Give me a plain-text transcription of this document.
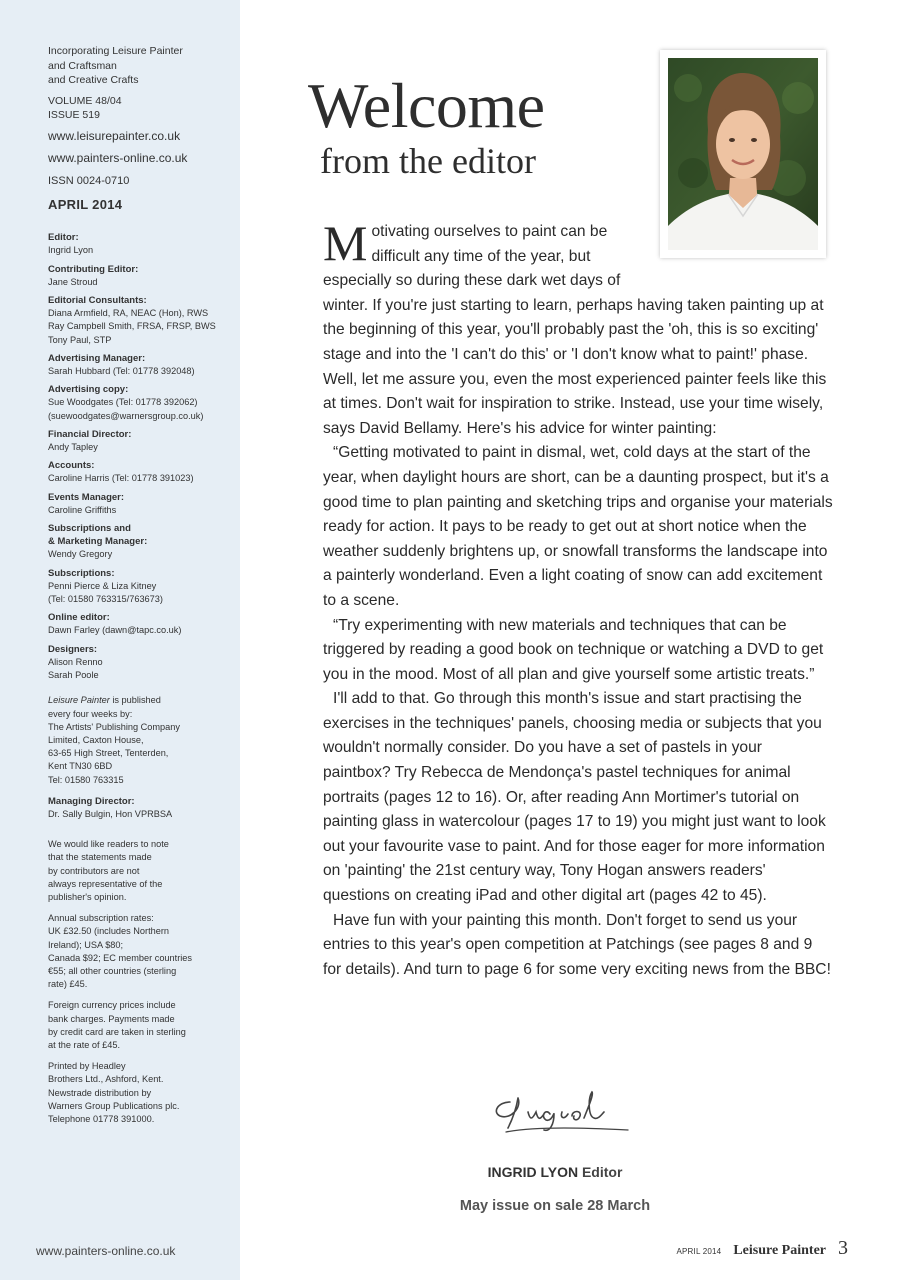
Incorporating Leisure Painter
and Craftsman
and Creative Crafts

VOLUME 48/04

ISSUE 519

www.leisurepainter.co.uk

www.painters-online.co.uk

ISSN 0024-0710

APRIL 2014
Editor:
Ingrid Lyon
Contributing Editor:
Jane Stroud
Editorial Consultants:
Diana Armfield, RA, NEAC (Hon), RWS
Ray Campbell Smith, FRSA, FRSP, BWS
Tony Paul, STP
Advertising Manager:
Sarah Hubbard (Tel: 01778 392048)
Advertising copy:
Sue Woodgates (Tel: 01778 392062)
(suewoodgates@warnersgroup.co.uk)
Financial Director:
Andy Tapley
Accounts:
Caroline Harris (Tel: 01778 391023)
Events Manager:
Caroline Griffiths
Subscriptions and
& Marketing Manager:
Wendy Gregory
Subscriptions:
Penni Pierce & Liza Kitney
(Tel: 01580 763315/763673)
Online editor:
Dawn Farley (dawn@tapc.co.uk)
Designers:
Alison Renno
Sarah Poole

Leisure Painter is published
every four weeks by:
The Artists' Publishing Company
Limited, Caxton House,
63-65 High Street, Tenterden,
Kent TN30 6BD
Tel: 01580 763315

Managing Director:
Dr. Sally Bulgin, Hon VPRBSA

We would like readers to note
that the statements made
by contributors are not
always representative of the
publisher's opinion.

Annual subscription rates:
UK £32.50 (includes Northern
Ireland); USA $80;
Canada $92; EC member countries
€55; all other countries (sterling
rate) £45.

Foreign currency prices include
bank charges. Payments made
by credit card are taken in sterling
at the rate of £45.

Printed by Headley
Brothers Ltd., Ashford, Kent.
Newstrade distribution by
Warners Group Publications plc.
Telephone 01778 391000.

www.painters-online.co.uk
Welcome
from the editor

Motivating ourselves to paint can be difficult any time of the year, but especially so during these dark wet days of winter. If you're just starting to learn, perhaps having taken painting up at the beginning of this year, you'll probably past the 'oh, this is so exciting' stage and into the 'I can't do this' or 'I don't know what to paint!' phase. Well, let me assure you, even the most experienced painter feels like this at times. Don't wait for inspiration to strike. Instead, use your time wisely, says David Bellamy. Here's his advice for winter painting:

“Getting motivated to paint in dismal, wet, cold days at the start of the year, when daylight hours are short, can be a daunting prospect, but it's a good time to plan painting and sketching trips and organise your materials ready for action. It pays to be ready to get out at short notice when the weather suddenly brightens up, or snowfall transforms the landscape into a painterly wonderland. Even a light coating of snow can add excitement to a scene.

“Try experimenting with new materials and techniques that can be triggered by reading a good book on technique or watching a DVD to get you in the mood. Most of all plan and give yourself some artistic treats.”

I'll add to that. Go through this month's issue and start practising the exercises in the techniques' panels, choosing media or subjects that you wouldn't normally consider. Do you have a set of pastels in your paintbox? Try Rebecca de Mendonça's pastel techniques for animal portraits (pages 12 to 16). Or, after reading Ann Mortimer's tutorial on painting glass in watercolour (pages 17 to 19) you might just want to look out your favourite vase to paint. And for those eager for more information on 'painting' the 21st century way, Tony Hogan answers readers' questions on creating iPad and other digital art (pages 42 to 45).

Have fun with your painting this month. Don't forget to send us your entries to this year's open competition at Patchings (see pages 8 and 9 for details). And turn to page 6 for some very exciting news from the BBC!

INGRID LYON Editor
May issue on sale 28 March
APRIL 2014 Leisure Painter 3
